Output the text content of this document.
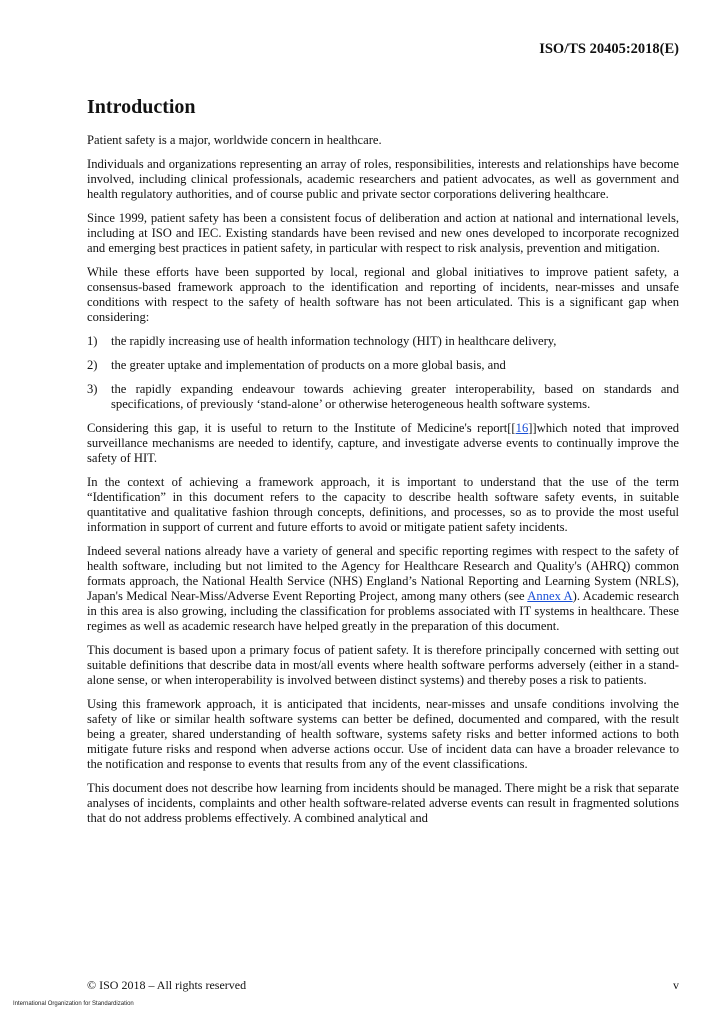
ISO/TS 20405:2018(E)
Introduction

Patient safety is a major, worldwide concern in healthcare.

Individuals and organizations representing an array of roles, responsibilities, interests and relationships have become involved, including clinical professionals, academic researchers and patient advocates, as well as government and health regulatory authorities, and of course public and private sector corporations delivering healthcare.

Since 1999, patient safety has been a consistent focus of deliberation and action at national and international levels, including at ISO and IEC. Existing standards have been revised and new ones developed to incorporate recognized and emerging best practices in patient safety, in particular with respect to risk analysis, prevention and mitigation.

While these efforts have been supported by local, regional and global initiatives to improve patient safety, a consensus-based framework approach to the identification and reporting of incidents, near-misses and unsafe conditions with respect to the safety of health software has not been articulated. This is a significant gap when considering:

1)	the rapidly increasing use of health information technology (HIT) in healthcare delivery,
2)	the greater uptake and implementation of products on a more global basis, and
3)	the rapidly expanding endeavour towards achieving greater interoperability, based on standards and specifications, of previously ‘stand-alone’ or otherwise heterogeneous health software systems.

Considering this gap, it is useful to return to the Institute of Medicine's report[[16]]which noted that improved surveillance mechanisms are needed to identify, capture, and investigate adverse events to continually improve the safety of HIT.

In the context of achieving a framework approach, it is important to understand that the use of the term “Identification” in this document refers to the capacity to describe health software safety events, in suitable quantitative and qualitative fashion through concepts, definitions, and processes, so as to provide the most useful information in support of current and future efforts to avoid or mitigate patient safety incidents.

Indeed several nations already have a variety of general and specific reporting regimes with respect to the safety of health software, including but not limited to the Agency for Healthcare Research and Quality's (AHRQ) common formats approach, the National Health Service (NHS) England’s National Reporting and Learning System (NRLS), Japan's Medical Near-Miss/Adverse Event Reporting Project, among many others (see Annex A). Academic research in this area is also growing, including the classification for problems associated with IT systems in healthcare. These regimes as well as academic research have helped greatly in the preparation of this document.

This document is based upon a primary focus of patient safety. It is therefore principally concerned with setting out suitable definitions that describe data in most/all events where health software performs adversely (either in a stand-alone sense, or when interoperability is involved between distinct systems) and thereby poses a risk to patients.

Using this framework approach, it is anticipated that incidents, near-misses and unsafe conditions involving the safety of like or similar health software systems can better be defined, documented and compared, with the result being a greater, shared understanding of health software, systems safety risks and better informed actions to both mitigate future risks and respond when adverse actions occur. Use of incident data can have a broader relevance to the notification and response to events that results from any of the event classifications.

This document does not describe how learning from incidents should be managed. There might be a risk that separate analyses of incidents, complaints and other health software-related adverse events can result in fragmented solutions that do not address problems effectively. A combined analytical and

© ISO 2018 – All rights reserved	v
International Organization for Standardization
